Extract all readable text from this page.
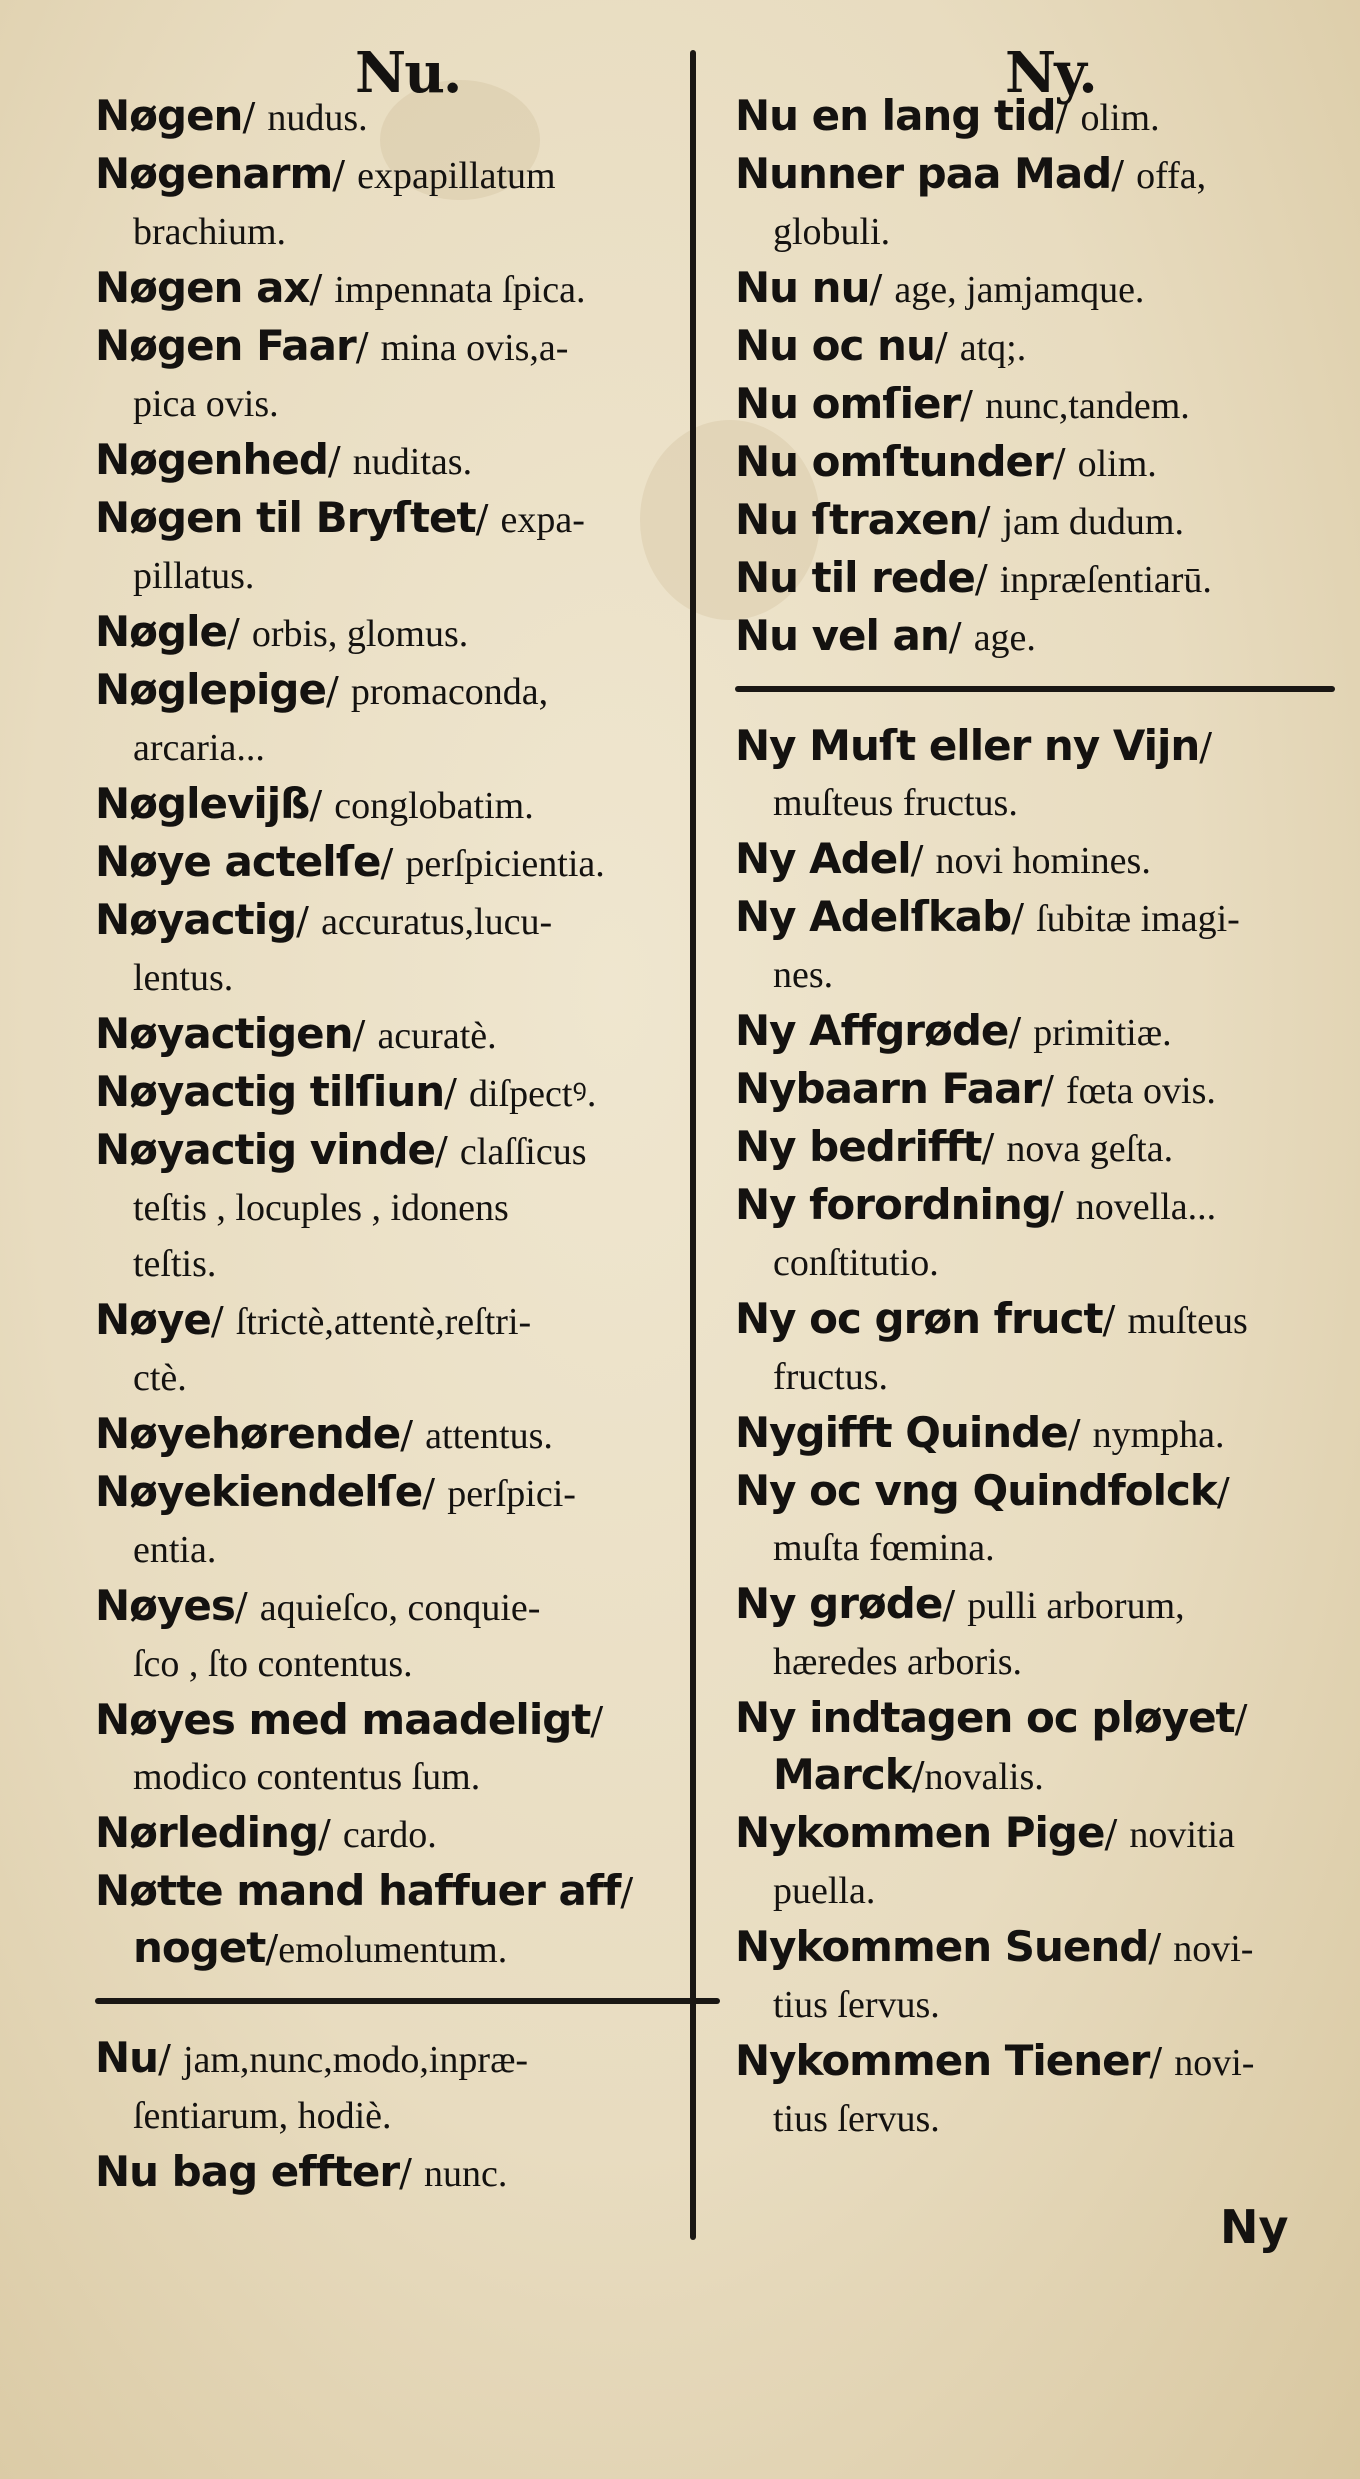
Nu.	Ny.
Nøgen/ nudus.
Nøgenarm/ expapillatum
brachium.
Nøgen ax/ impennata ſpica.
Nøgen Faar/ mina ovis,a-
pica ovis.
Nøgenhed/ nuditas.
Nøgen til Bryſtet/ expa-
pillatus.
Nøgle/ orbis, glomus.
Nøglepige/ promaconda,
arcaria...
Nøglevijß/ conglobatim.
Nøye actelſe/ perſpicientia.
Nøyactig/ accuratus,lucu-
lentus.
Nøyactigen/ acuratè.
Nøyactig tilſiun/ diſpectꝰ.
Nøyactig vinde/ claſſicus
teſtis , locuples , idonens
teſtis.
Nøye/ ſtrictè,attentè,reſtri-
ctè.
Nøyehørende/ attentus.
Nøyekiendelſe/ perſpici-
entia.
Nøyes/ aquieſco, conquie-
ſco , ſto contentus.
Nøyes med maadeligt/
modico contentus ſum.
Nørleding/ cardo.
Nøtte mand haffuer aff/
noget/emolumentum.
Nu/ jam,nunc,modo,inpræ-
ſentiarum, hodiè.
Nu bag effter/ nunc.
Nu en lang tid/ olim.
Nunner paa Mad/ offa,
globuli.
Nu nu/ age, jamjamque.
Nu oc nu/ atq;.
Nu omſier/ nunc,tandem.
Nu omſtunder/ olim.
Nu ſtraxen/ jam dudum.
Nu til rede/ inpræſentiarū.
Nu vel an/ age.
Ny Muſt eller ny Vijn/
muſteus fructus.
Ny Adel/ novi homines.
Ny Adelſkab/ ſubitæ imagi-
nes.
Ny Affgrøde/ primitiæ.
Nybaarn Faar/ fœta ovis.
Ny bedrifft/ nova geſta.
Ny forordning/ novella...
conſtitutio.
Ny oc grøn fruct/ muſteus
fructus.
Nygifft Quinde/ nympha.
Ny oc vng Quindfolck/
muſta fœmina.
Ny grøde/ pulli arborum,
hæredes arboris.
Ny indtagen oc pløyet/
Marck/novalis.
Nykommen Pige/ novitia
puella.
Nykommen Suend/ novi-
tius ſervus.
Nykommen Tiener/ novi-
tius ſervus.
Ny
